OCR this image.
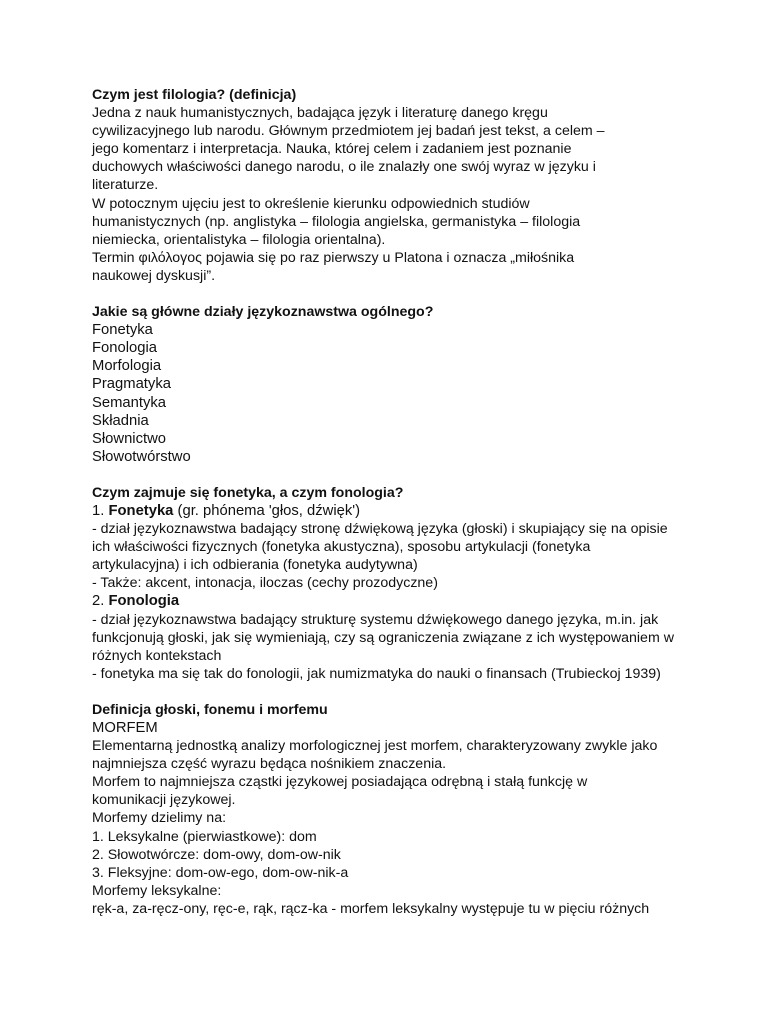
Czym jest filologia? (definicja)
Jedna z nauk humanistycznych, badająca język i literaturę danego kręgu
cywilizacyjnego lub narodu. Głównym przedmiotem jej badań jest tekst, a celem –
jego komentarz i interpretacja. Nauka, której celem i zadaniem jest poznanie
duchowych właściwości danego narodu, o ile znalazły one swój wyraz w języku i
literaturze.
W potocznym ujęciu jest to określenie kierunku odpowiednich studiów
humanistycznych (np. anglistyka – filologia angielska, germanistyka – filologia
niemiecka, orientalistyka – filologia orientalna).
Termin φιλόλογος pojawia się po raz pierwszy u Platona i oznacza „miłośnika
naukowej dyskusji”.
Jakie są główne działy językoznawstwa ogólnego?
Fonetyka
Fonologia
Morfologia
Pragmatyka
Semantyka
Składnia
Słownictwo
Słowotwórstwo
Czym zajmuje się fonetyka, a czym fonologia?
1. Fonetyka (gr. phónema 'głos, dźwięk')
- dział językoznawstwa badający stronę dźwiękową języka (głoski) i skupiający się na opisie
ich właściwości fizycznych (fonetyka akustyczna), sposobu artykulacji (fonetyka
artykulacyjna) i ich odbierania (fonetyka audytywna)
- Także: akcent, intonacja, iloczas (cechy prozodyczne)
2. Fonologia
- dział językoznawstwa badający strukturę systemu dźwiękowego danego języka, m.in. jak
funkcjonują głoski, jak się wymieniają, czy są ograniczenia związane z ich występowaniem w
różnych kontekstach
- fonetyka ma się tak do fonologii, jak numizmatyka do nauki o finansach (Trubieckoj 1939)
Definicja głoski, fonemu i morfemu
MORFEM
Elementarną jednostką analizy morfologicznej jest morfem, charakteryzowany zwykle jako
najmniejsza część wyrazu będąca nośnikiem znaczenia.
Morfem to najmniejsza cząstki językowej posiadająca odrębną i stałą funkcję w
komunikacji językowej.
Morfemy dzielimy na:
1. Leksykalne (pierwiastkowe): dom
2. Słowotwórcze: dom-owy, dom-ow-nik
3. Fleksyjne: dom-ow-ego, dom-ow-nik-a
Morfemy leksykalne:
ręk-a, za-ręcz-ony, ręc-e, rąk, rącz-ka - morfem leksykalny występuje tu w pięciu różnych
